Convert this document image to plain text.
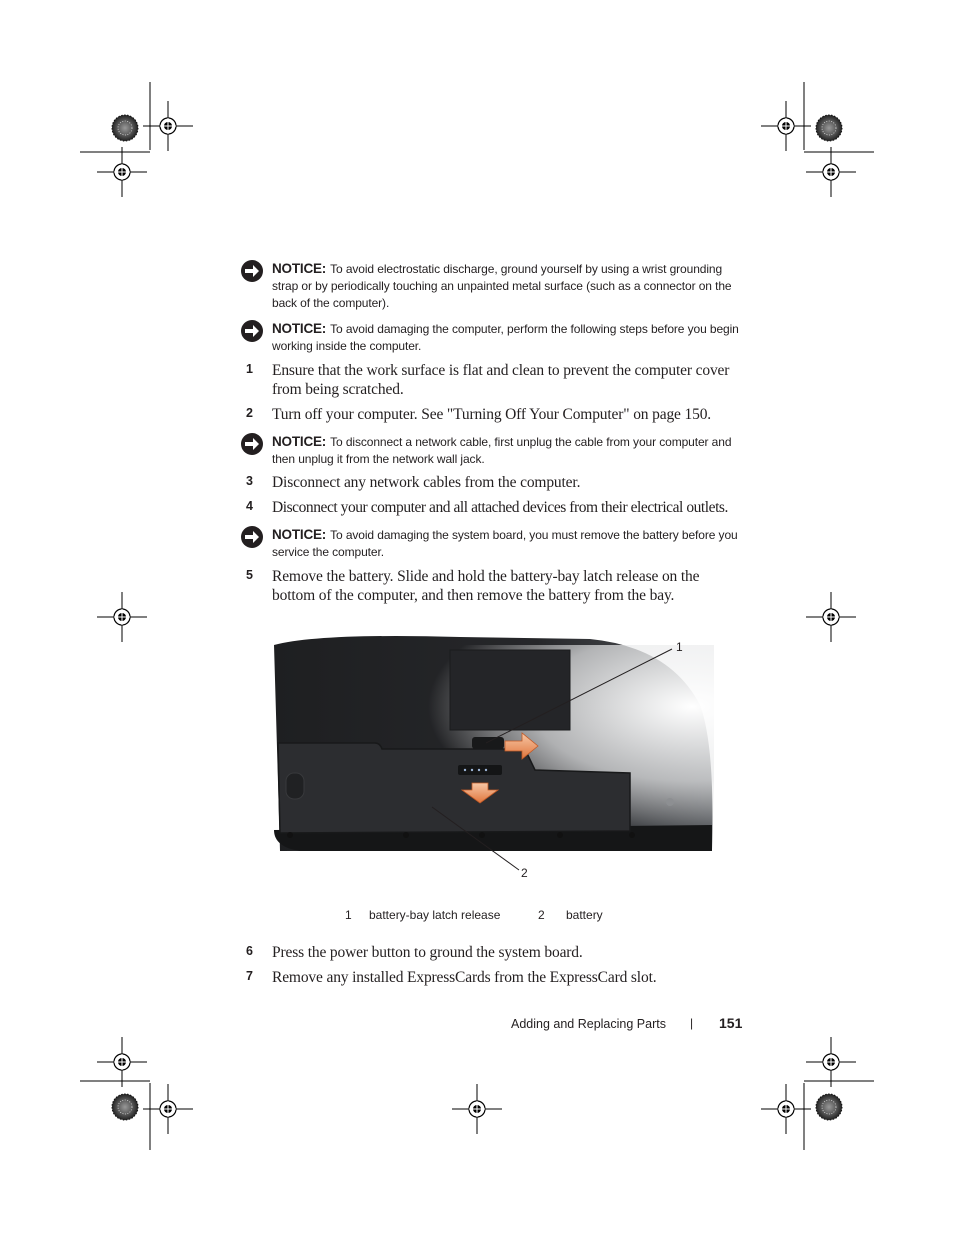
NOTICE: To avoid electrostatic discharge, ground yourself by using a wrist grounding strap or by periodically touching an unpainted metal surface (such as a connector on the back of the computer).
NOTICE: To avoid damaging the computer, perform the following steps before you begin working inside the computer.
1	Ensure that the work surface is flat and clean to prevent the computer cover from being scratched.
2	Turn off your computer. See "Turning Off Your Computer" on page 150.
NOTICE: To disconnect a network cable, first unplug the cable from your computer and then unplug it from the network wall jack.
3	Disconnect any network cables from the computer.
4	Disconnect your computer and all attached devices from their electrical outlets.
NOTICE: To avoid damaging the system board, you must remove the battery before you service the computer.
5	Remove the battery. Slide and hold the battery-bay latch release on the bottom of the computer, and then remove the battery from the bay.
1
2
1 battery-bay latch release	2 battery
6	Press the power button to ground the system board.
7	Remove any installed ExpressCards from the ExpressCard slot.
Adding and Replacing Parts | 151
